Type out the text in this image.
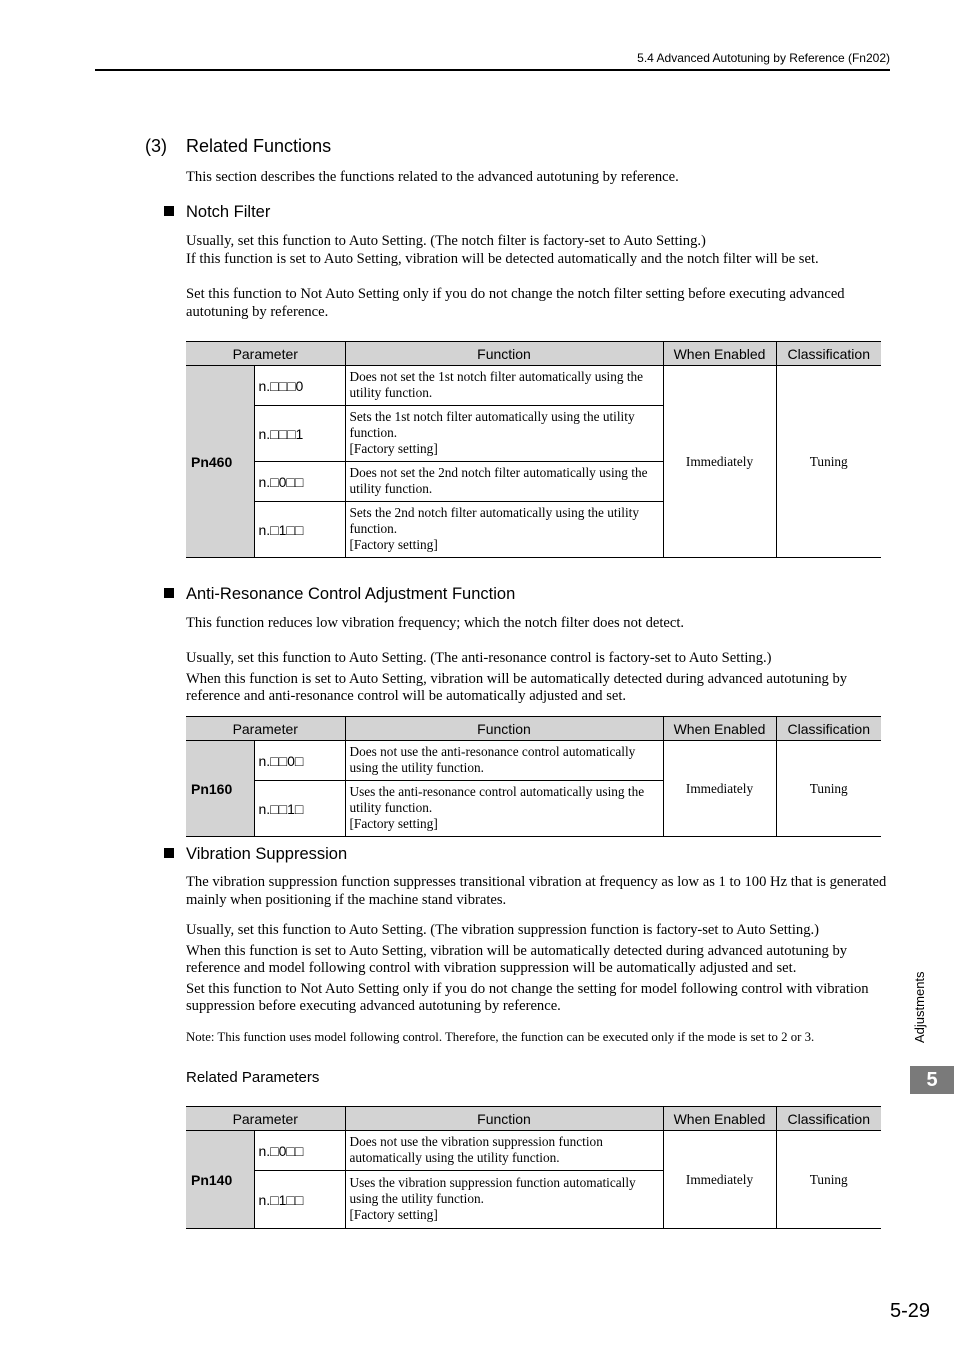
5.4 Advanced Autotuning by Reference (Fn202)
(3) Related Functions
This section describes the functions related to the advanced autotuning by reference.
Notch Filter
Usually, set this function to Auto Setting. (The notch filter is factory-set to Auto Setting.)
If this function is set to Auto Setting, vibration will be detected automatically and the notch filter will be set.
Set this function to Not Auto Setting only if you do not change the notch filter setting before executing advanced autotuning by reference.
Parameter		Function	When Enabled	Classification
Pn460	n.□□□0	Does not set the 1st notch filter automatically using the utility function.	Immediately	Tuning
	n.□□□1	Sets the 1st notch filter automatically using the utility function.
[Factory setting]		

	n.□0□□	Does not set the 2nd notch filter automatically using the utility function.		

	n.□1□□	Sets the 2nd notch filter automatically using the utility function.
[Factory setting]		
Anti-Resonance Control Adjustment Function
This function reduces low vibration frequency; which the notch filter does not detect.
Usually, set this function to Auto Setting. (The anti-resonance control is factory-set to Auto Setting.)
When this function is set to Auto Setting, vibration will be automatically detected during advanced autotuning by reference and anti-resonance control will be automatically adjusted and set.
Parameter		Function	When Enabled	Classification
Pn160	n.□□0□	Does not use the anti-resonance control automatically using the utility function.	Immediately	Tuning
	n.□□1□	Uses the anti-resonance control automatically using the utility function.
[Factory setting]		
Vibration Suppression
The vibration suppression function suppresses transitional vibration at frequency as low as 1 to 100 Hz that is generated mainly when positioning if the machine stand vibrates.
Usually, set this function to Auto Setting. (The vibration suppression function is factory-set to Auto Setting.)
When this function is set to Auto Setting, vibration will be automatically detected during advanced autotuning by reference and model following control with vibration suppression will be automatically adjusted and set.
Set this function to Not Auto Setting only if you do not change the setting for model following control with vibration suppression before executing advanced autotuning by reference.
Note: This function uses model following control. Therefore, the function can be executed only if the mode is set to 2 or 3.
Related Parameters
Parameter		Function	When Enabled	Classification
Pn140	n.□0□□	Does not use the vibration suppression function automatically using the utility function.	Immediately	Tuning
	n.□1□□	Uses the vibration suppression function automatically using the utility function.
[Factory setting]		
Adjustments
5
5-29
